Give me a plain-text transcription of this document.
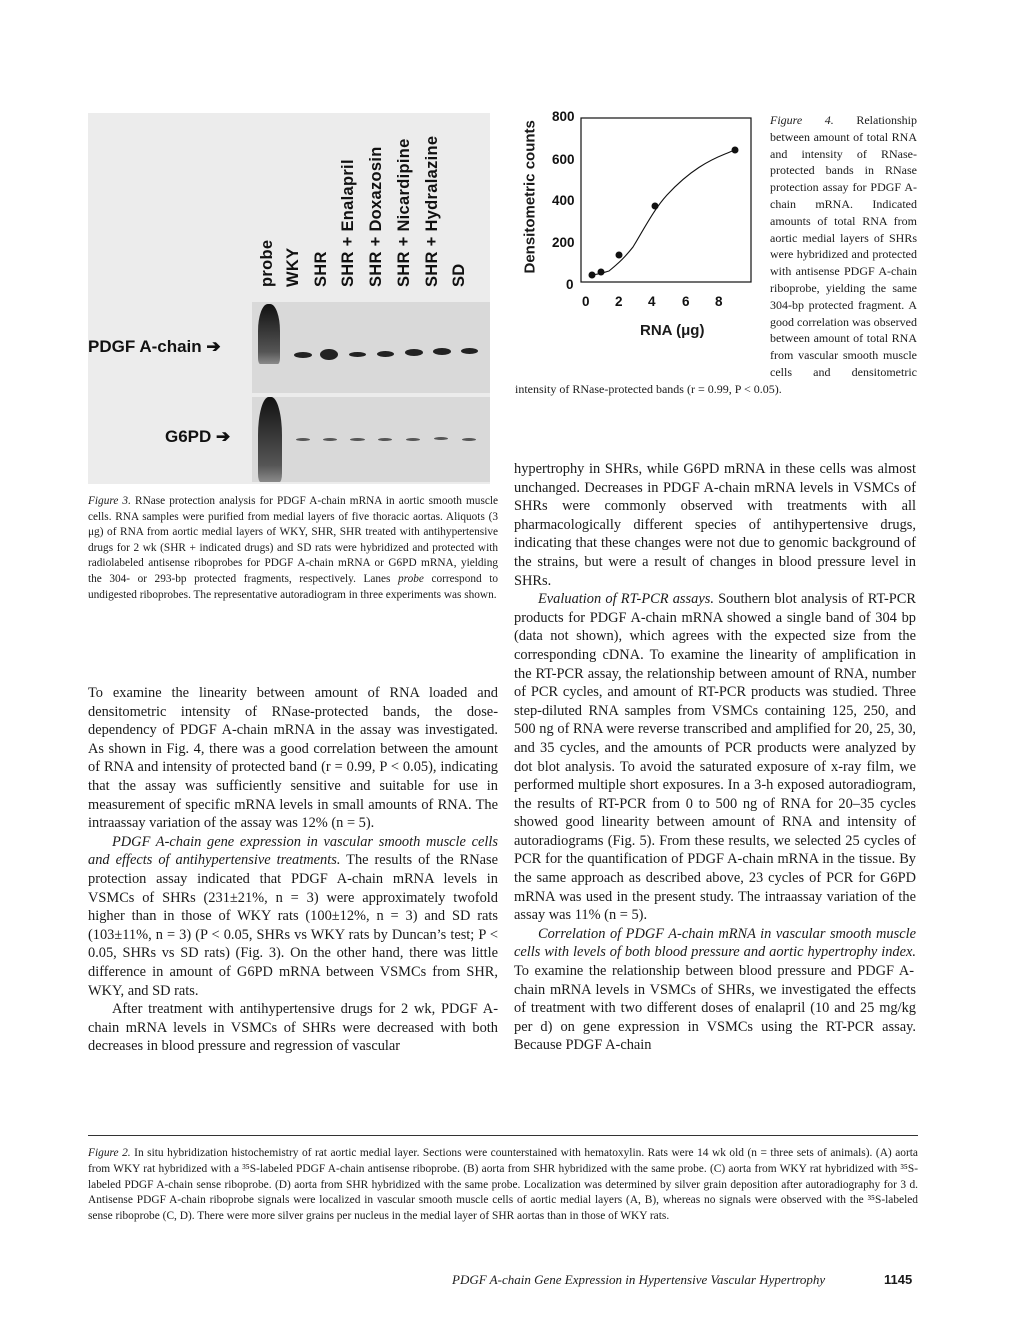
probe WKY SHR SHR + Enalapril SHR + Doxazosin SHR + Nicardipine SHR + Hydralazine SD
PDGF A-chain ➔
G6PD ➔
Figure 3. RNase protection analysis for PDGF A-chain mRNA in aortic smooth muscle cells. RNA samples were purified from medial layers of five thoracic aortas. Aliquots (3 μg) of RNA from aortic medial layers of WKY, SHR, SHR treated with antihypertensive drugs for 2 wk (SHR + indicated drugs) and SD rats were hybridized and protected with radiolabeled antisense riboprobes for PDGF A-chain mRNA or G6PD mRNA, yielding the 304- or 293-bp protected fragments, respectively. Lanes probe correspond to undigested riboprobes. The representative autoradiogram in three experiments was shown.
Densitometric counts
800
600
400
200
0
0 2 4 6 8
RNA (μg)
Figure 4. Relationship between amount of total RNA and intensity of RNase-protected bands in RNase protection assay for PDGF A-chain mRNA. Indicated amounts of total RNA from aortic medial layers of SHRs were hybridized and protected with antisense PDGF A-chain riboprobe, yielding the same 304-bp protected fragment. A good correlation was observed between amount of total RNA from vascular smooth muscle cells and densitometric intensity of RNase-protected bands (r = 0.99, P < 0.05).

To examine the linearity between amount of RNA loaded and densitometric intensity of RNase-protected bands, the dose-dependency of PDGF A-chain mRNA in the assay was investigated. As shown in Fig. 4, there was a good correlation between the amount of RNA and intensity of protected band (r = 0.99, P < 0.05), indicating that the assay was sufficiently sensitive and suitable for use in measurement of specific mRNA levels in small amounts of RNA. The intraassay variation of the assay was 12% (n = 5).

PDGF A-chain gene expression in vascular smooth muscle cells and effects of antihypertensive treatments. The results of the RNase protection assay indicated that PDGF A-chain mRNA levels in VSMCs of SHRs (231±21%, n = 3) were approximately twofold higher than in those of WKY rats (100±12%, n = 3) and SD rats (103±11%, n = 3) (P < 0.05, SHRs vs WKY rats by Duncan’s test; P < 0.05, SHRs vs SD rats) (Fig. 3). On the other hand, there was little difference in amount of G6PD mRNA between VSMCs from SHR, WKY, and SD rats.

After treatment with antihypertensive drugs for 2 wk, PDGF A-chain mRNA levels in VSMCs of SHRs were decreased with both decreases in blood pressure and regression of vascular

hypertrophy in SHRs, while G6PD mRNA in these cells was almost unchanged. Decreases in PDGF A-chain mRNA levels in VSMCs of SHRs were commonly observed with treatments with all pharmacologically different species of antihypertensive drugs, indicating that these changes were not due to genomic background of the strains, but were a result of changes in blood pressure level in SHRs.

Evaluation of RT-PCR assays. Southern blot analysis of RT-PCR products for PDGF A-chain mRNA showed a single band of 304 bp (data not shown), which agrees with the expected size from the corresponding cDNA. To examine the linearity of amplification in the RT-PCR assay, the relationship between amount of RNA, number of PCR cycles, and amount of RT-PCR products was studied. Three step-diluted RNA samples from VSMCs containing 125, 250, and 500 ng of RNA were reverse transcribed and amplified for 20, 25, 30, and 35 cycles, and the amounts of PCR products were analyzed by dot blot analysis. To avoid the saturated exposure of x-ray film, we performed multiple short exposures. In a 3-h exposed autoradiogram, the results of RT-PCR from 0 to 500 ng of RNA for 20–35 cycles showed good linearity between amount of RNA and intensity of autoradiograms (Fig. 5). From these results, we selected 25 cycles of PCR for the quantification of PDGF A-chain mRNA in the tissue. By the same approach as described above, 23 cycles of PCR for G6PD mRNA was used in the present study. The intraassay variation of the assay was 11% (n = 5).

Correlation of PDGF A-chain mRNA in vascular smooth muscle cells with levels of both blood pressure and aortic hypertrophy index. To examine the relationship between blood pressure and PDGF A-chain mRNA levels in VSMCs of SHRs, we investigated the effects of treatment with two different doses of enalapril (10 and 25 mg/kg per d) on gene expression in VSMCs using the RT-PCR assay. Because PDGF A-chain

Figure 2. In situ hybridization histochemistry of rat aortic medial layer. Sections were counterstained with hematoxylin. Rats were 14 wk old (n = three sets of animals). (A) aorta from WKY rat hybridized with a ³⁵S-labeled PDGF A-chain antisense riboprobe. (B) aorta from SHR hybridized with the same probe. (C) aorta from WKY rat hybridized with ³⁵S-labeled PDGF A-chain sense riboprobe. (D) aorta from SHR hybridized with the same probe. Localization was determined by silver grain deposition after autoradiography for 3 d. Antisense PDGF A-chain riboprobe signals were localized in vascular smooth muscle cells of aortic medial layers (A, B), whereas no signals were observed with the ³⁵S-labeled sense riboprobe (C, D). There were more silver grains per nucleus in the medial layer of SHR aortas than in those of WKY rats.
PDGF A-chain Gene Expression in Hypertensive Vascular Hypertrophy	1145
